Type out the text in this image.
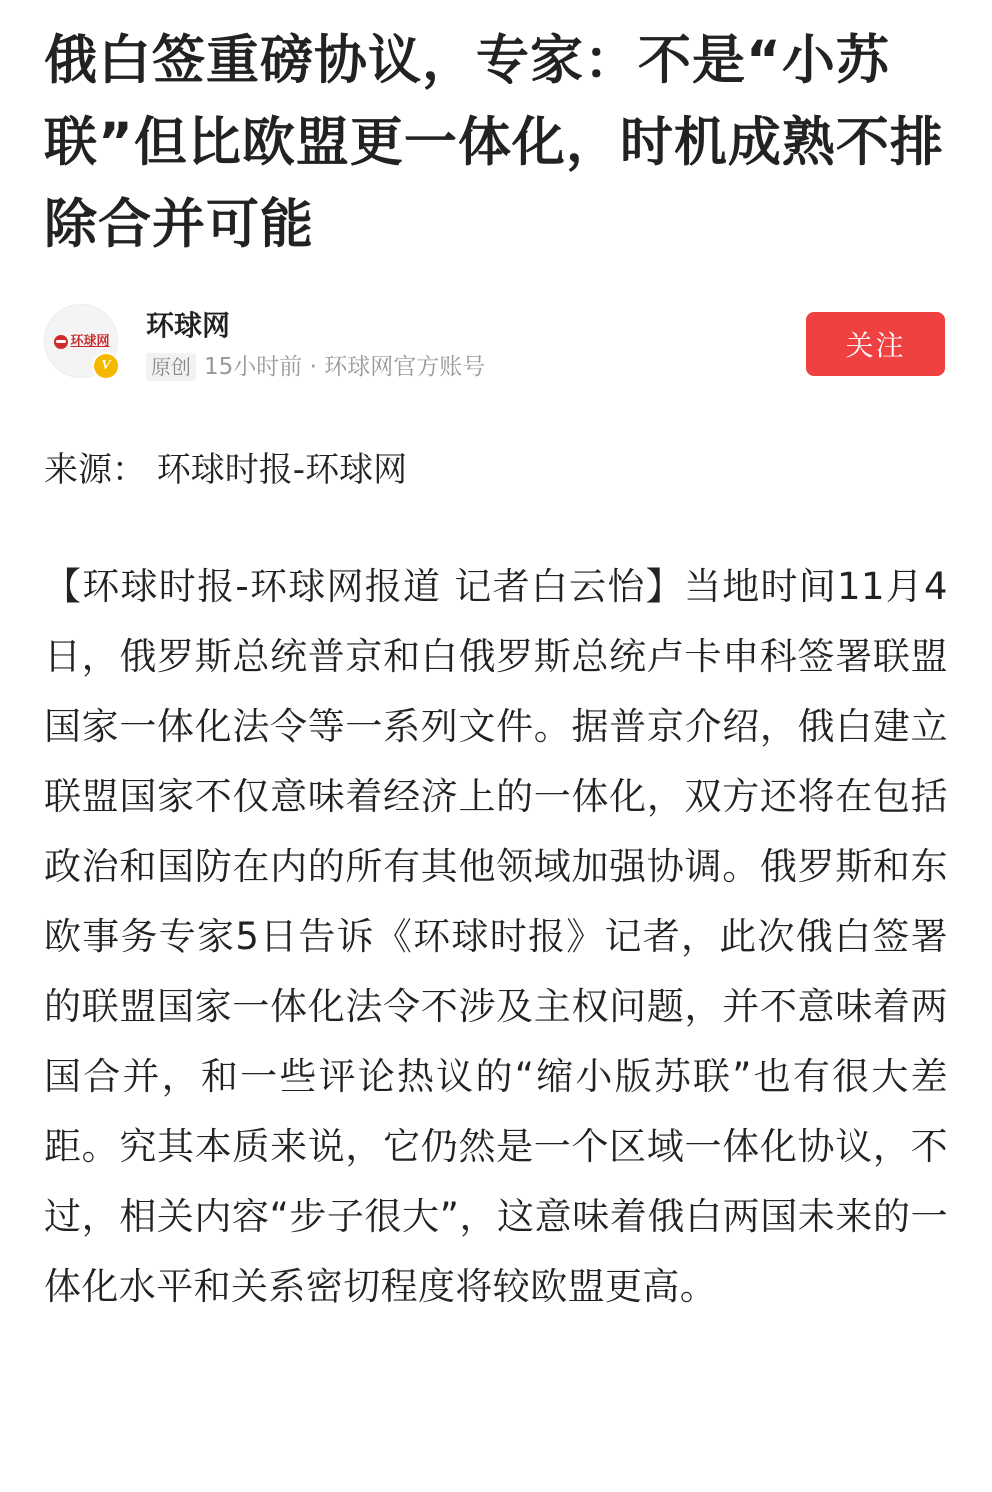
俄白签重磅协议，专家：不是“小苏联”但比欧盟更一体化，时机成熟不排除合并可能
环球网
V
环球网
原创 15小时前 · 环球网官方账号
关注

来源： 环球时报-环球网

【环球时报-环球网报道 记者白云怡】当地时间11月4日，俄罗斯总统普京和白俄罗斯总统卢卡申科签署联盟国家一体化法令等一系列文件。据普京介绍，俄白建立联盟国家不仅意味着经济上的一体化，双方还将在包括政治和国防在内的所有其他领域加强协调。俄罗斯和东欧事务专家5日告诉《环球时报》记者，此次俄白签署的联盟国家一体化法令不涉及主权问题，并不意味着两国合并，和一些评论热议的“缩小版苏联”也有很大差距。究其本质来说，它仍然是一个区域一体化协议，不过，相关内容“步子很大”，这意味着俄白两国未来的一体化水平和关系密切程度将较欧盟更高。
